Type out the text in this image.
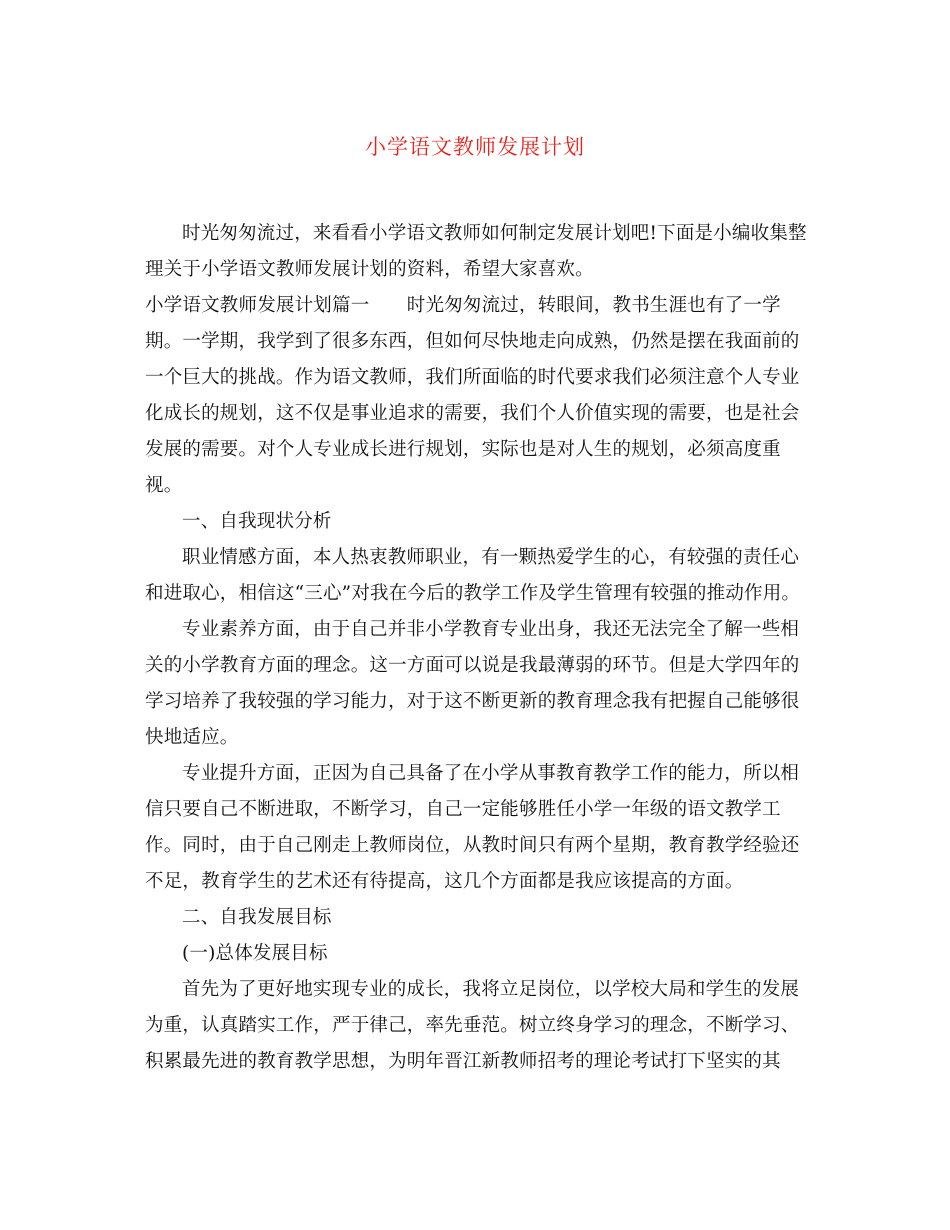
小学语文教师发展计划
时光匆匆流过，来看看小学语文教师如何制定发展计划吧!下面是小编收集整
理关于小学语文教师发展计划的资料，希望大家喜欢。
小学语文教师发展计划篇一　　时光匆匆流过，转眼间，教书生涯也有了一学
期。一学期，我学到了很多东西，但如何尽快地走向成熟，仍然是摆在我面前的
一个巨大的挑战。作为语文教师，我们所面临的时代要求我们必须注意个人专业
化成长的规划，这不仅是事业追求的需要，我们个人价值实现的需要，也是社会
发展的需要。对个人专业成长进行规划，实际也是对人生的规划，必须高度重
视。
一、自我现状分析
职业情感方面，本人热衷教师职业，有一颗热爱学生的心，有较强的责任心
和进取心，相信这“三心”对我在今后的教学工作及学生管理有较强的推动作用。
专业素养方面，由于自己并非小学教育专业出身，我还无法完全了解一些相
关的小学教育方面的理念。这一方面可以说是我最薄弱的环节。但是大学四年的
学习培养了我较强的学习能力，对于这不断更新的教育理念我有把握自己能够很
快地适应。
专业提升方面，正因为自己具备了在小学从事教育教学工作的能力，所以相
信只要自己不断进取，不断学习，自己一定能够胜任小学一年级的语文教学工
作。同时，由于自己刚走上教师岗位，从教时间只有两个星期，教育教学经验还
不足，教育学生的艺术还有待提高，这几个方面都是我应该提高的方面。
二、自我发展目标
(一)总体发展目标
首先为了更好地实现专业的成长，我将立足岗位，以学校大局和学生的发展
为重，认真踏实工作，严于律己，率先垂范。树立终身学习的理念，不断学习、
积累最先进的教育教学思想，为明年晋江新教师招考的理论考试打下坚实的其
